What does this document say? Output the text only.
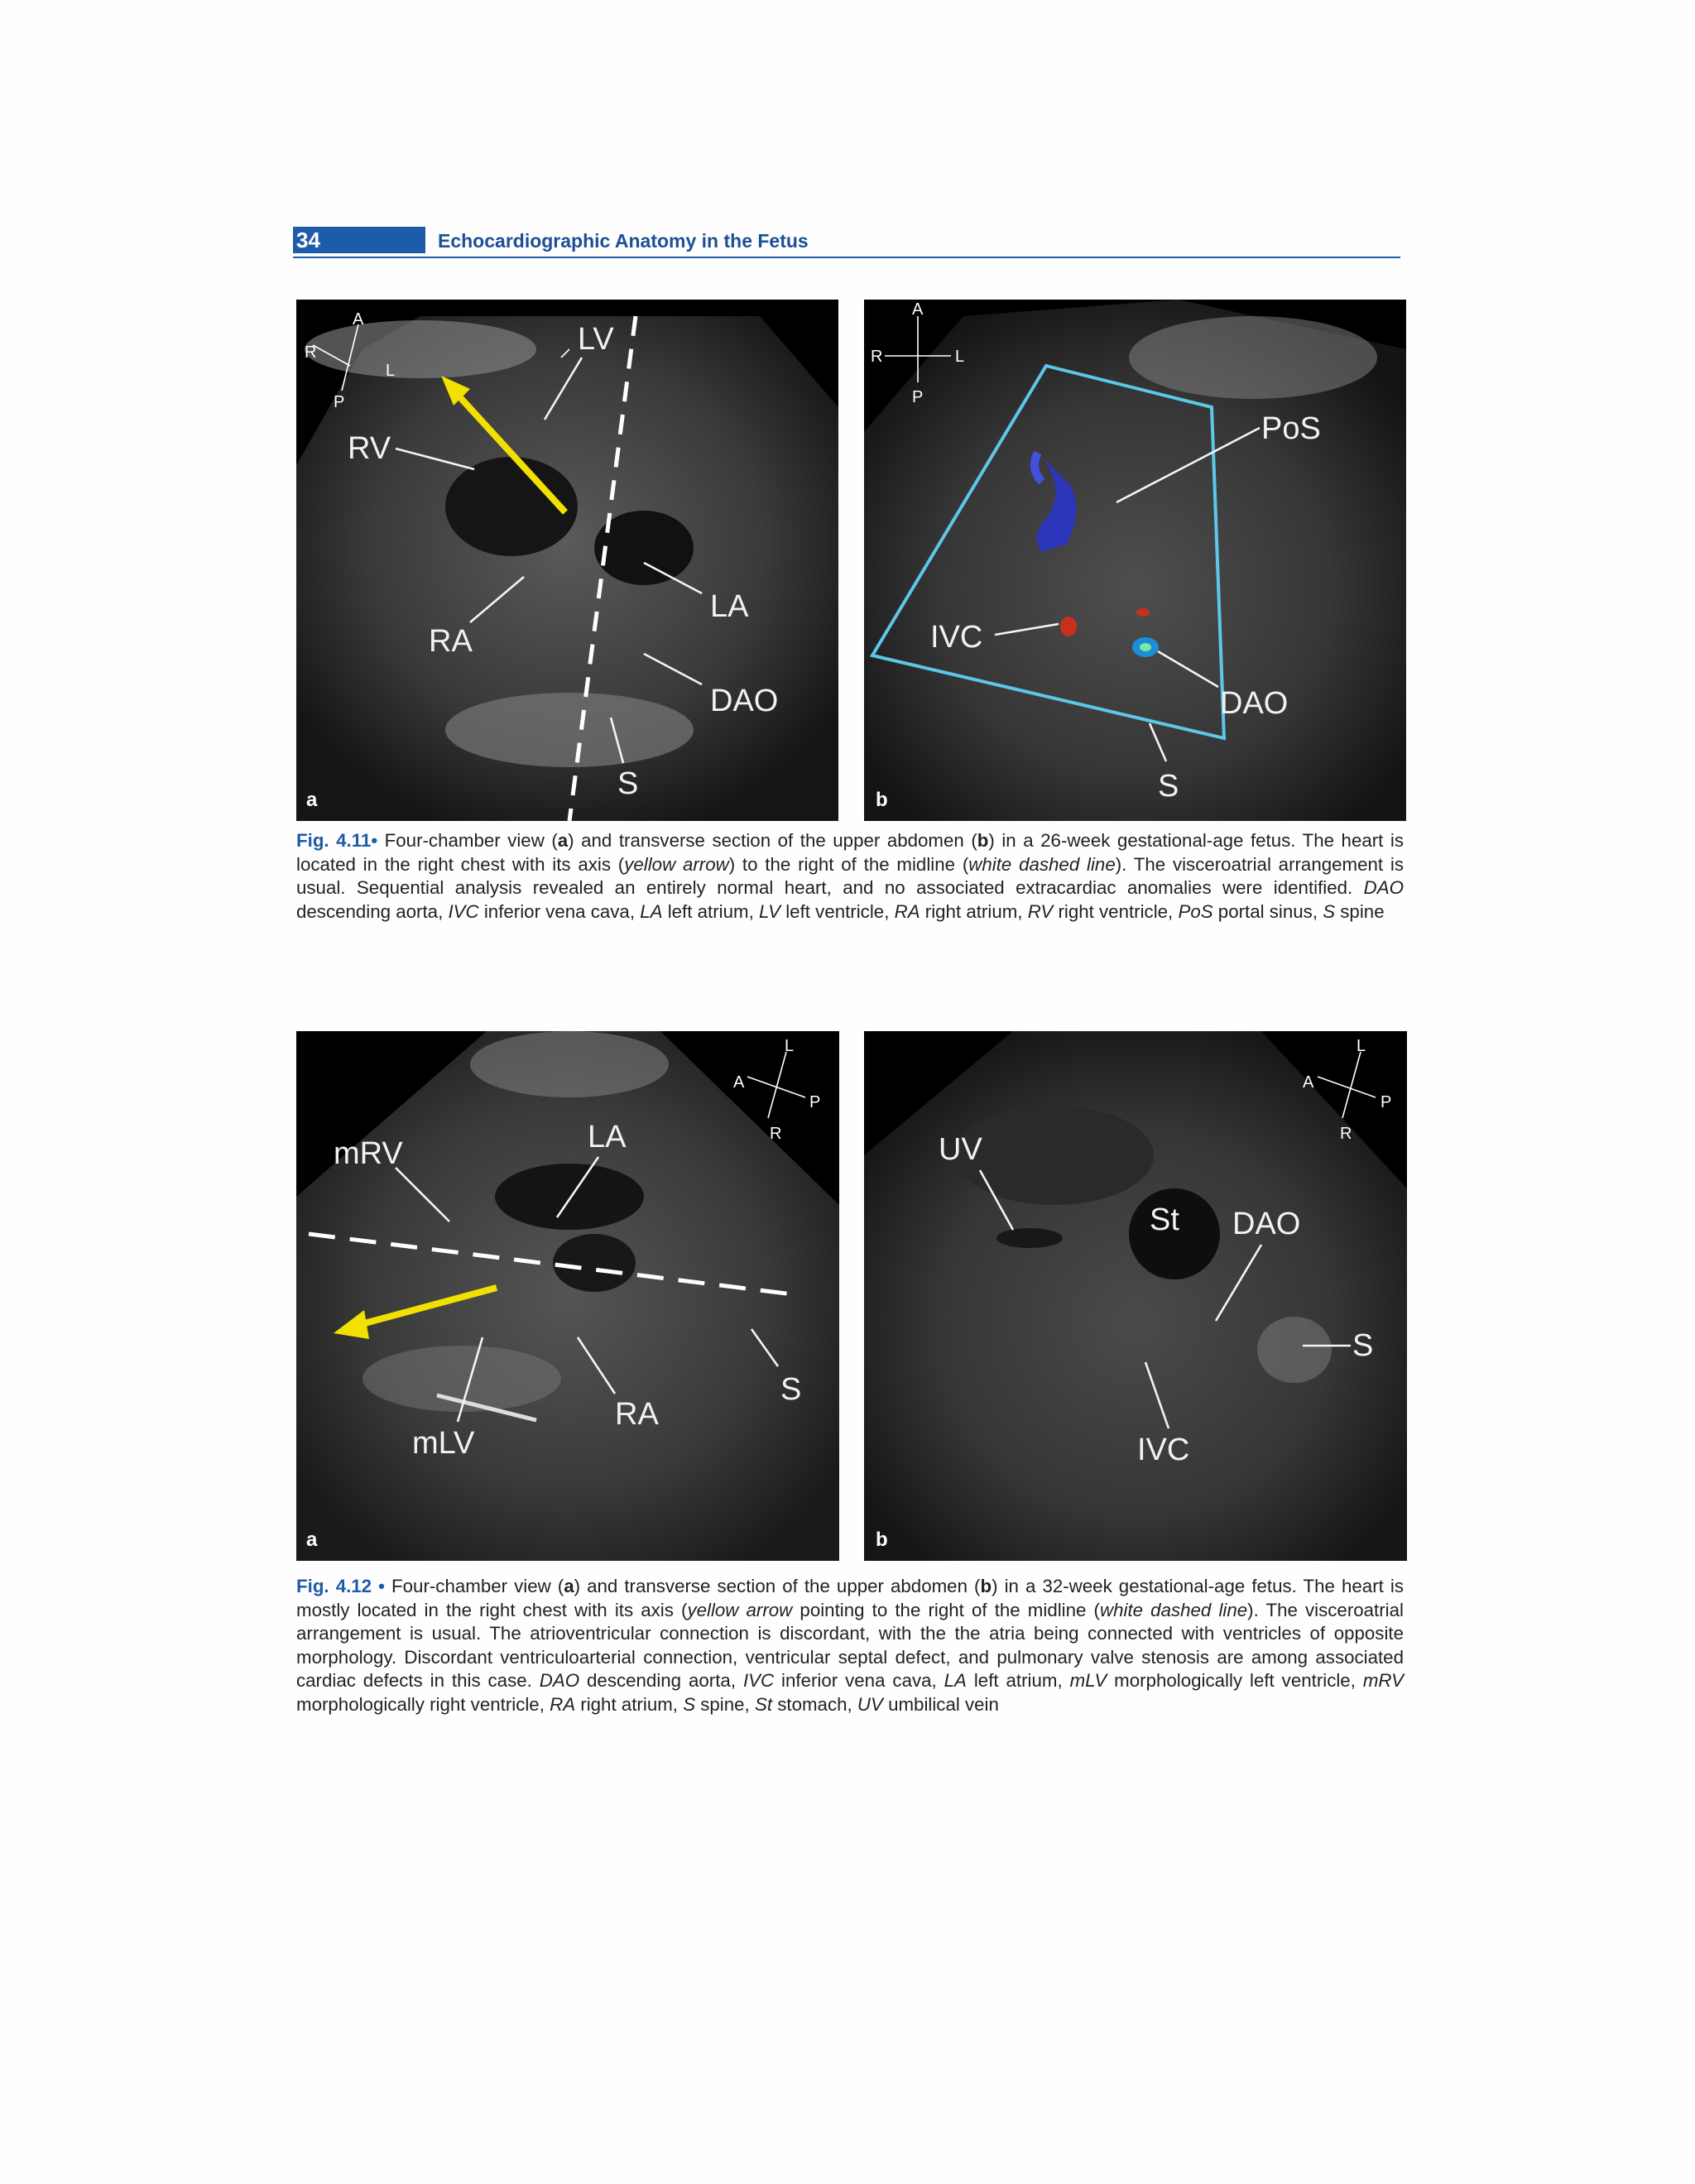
34	Echocardiographic Anatomy in the Fetus
A
R
L
P
LV
RV
RA
LA
DAO
S
a
A
R	L
P
PoS
IVC
DAO
S
b
Fig. 4.11• Four-chamber view (a) and transverse section of the upper abdomen (b) in a 26-week gestational-age fetus. The heart is located in the right chest with its axis (yellow arrow) to the right of the midline (white dashed line). The visceroatrial arrangement is usual. Sequential analysis revealed an entirely normal heart, and no associated extracardiac anomalies were identified. DAO descending aorta, IVC inferior vena cava, LA left atrium, LV left ventricle, RA right atrium, RV right ventricle, PoS portal sinus, S spine
L
A
P
R
mRV	LA
mLV
RA
S
a
L
A
P
R
UV
St DAO
S
IVC
b
Fig. 4.12 • Four-chamber view (a) and transverse section of the upper abdomen (b) in a 32-week gestational-age fetus. The heart is mostly located in the right chest with its axis (yellow arrow pointing to the right of the midline (white dashed line). The visceroatrial arrangement is usual. The atrioventricular connection is discordant, with the the atria being connected with ventricles of opposite morphology. Discordant ventriculoarterial connection, ventricular septal defect, and pulmonary valve stenosis are among associated cardiac defects in this case. DAO descending aorta, IVC inferior vena cava, LA left atrium, mLV morphologically left ventricle, mRV morphologically right ventricle, RA right atrium, S spine, St stomach, UV umbilical vein
